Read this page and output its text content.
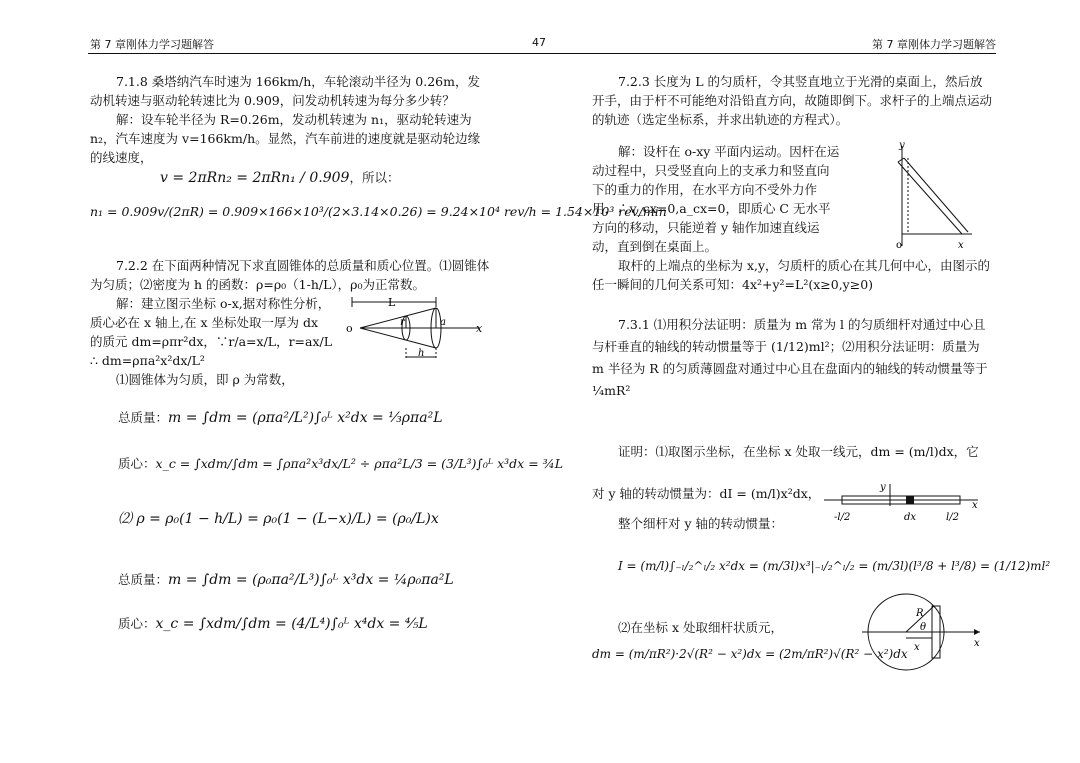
第 7 章刚体力学习题解答	47	第 7 章刚体力学习题解答

7.1.8 桑塔纳汽车时速为 166km/h，车轮滚动半径为 0.26m，发动机转速与驱动轮转速比为 0.909，问发动机转速为每分多少转？

解：设车轮半径为 R=0.26m，发动机转速为 n₁，驱动轮转速为 n₂，汽车速度为 v=166km/h。显然，汽车前进的速度就是驱动轮边缘的线速度，

v = 2πRn₂ = 2πRn₁ / 0.909，所以：
n₁ = 0.909v/(2πR) = 0.909×166×10³/(2×3.14×0.26) = 9.24×10⁴ rev/h = 1.54×10³ rev/min

7.2.2 在下面两种情况下求直圆锥体的总质量和质心位置。⑴圆锥体为匀质；⑵密度为 h 的函数：ρ=ρ₀（1-h/L），ρ₀为正常数。

解：建立图示坐标 o-x,据对称性分析，

质心必在 x 轴上,在 x 坐标处取一厚为 dx

的质元 dm=ρπr²dx，∵r/a=x/L，r=ax/L

∴ dm=ρπa²x²dx/L²

⑴圆锥体为匀质，即 ρ 为常数，

L
x
o	r	a
h
总质量：m = ∫dm = (ρπa²/L²)∫₀ᴸ x²dx = ⅓ρπa²L
质心：x_c = ∫xdm/∫dm = ∫ρπa²x³dx/L² ÷ ρπa²L/3 = (3/L³)∫₀ᴸ x³dx = ¾L
⑵ ρ = ρ₀(1 − h/L) = ρ₀(1 − (L−x)/L) = (ρ₀/L)x
总质量：m = ∫dm = (ρ₀πa²/L³)∫₀ᴸ x³dx = ¼ρ₀πa²L
质心：x_c = ∫xdm/∫dm = (4/L⁴)∫₀ᴸ x⁴dx = ⅘L

7.2.3 长度为 L 的匀质杆，令其竖直地立于光滑的桌面上，然后放开手，由于杆不可能绝对沿铅直方向，故随即倒下。求杆子的上端点运动的轨迹（选定坐标系，并求出轨迹的方程式）。

解：设杆在 o-xy 平面内运动。因杆在运动过程中，只受竖直向上的支承力和竖直向下的重力的作用，在水平方向不受外力作用，∴v_cx=0,a_cx=0，即质心 C 无水平方向的移动，只能逆着 y 轴作加速直线运动，直到倒在桌面上。

y
x
o

取杆的上端点的坐标为 x,y，匀质杆的质心在其几何中心，由图示的任一瞬间的几何关系可知：4x²+y²=L²(x≥0,y≥0)

7.3.1 ⑴用积分法证明：质量为 m 常为 l 的匀质细杆对通过中心且与杆垂直的轴线的转动惯量等于 (1/12)ml²；⑵用积分法证明：质量为 m 半径为 R 的匀质薄圆盘对通过中心且在盘面内的轴线的转动惯量等于 ¼mR²

证明：⑴取图示坐标，在坐标 x 处取一线元，dm = (m/l)dx，它
对 y 轴的转动惯量为：dI = (m/l)x²dx，
整个细杆对 y 轴的转动惯量：
y
x
-l/2	dx	l/2
I = (m/l)∫₋ₗ/₂^ₗ/₂ x²dx = (m/3l)x³|₋ₗ/₂^ₗ/₂ = (m/3l)(l³/8 + l³/8) = (1/12)ml²
⑵在坐标 x 处取细杆状质元，
dm = (m/πR²)·2√(R² − x²)dx = (2m/πR²)√(R² − x²)dx
x
R
θ
x
